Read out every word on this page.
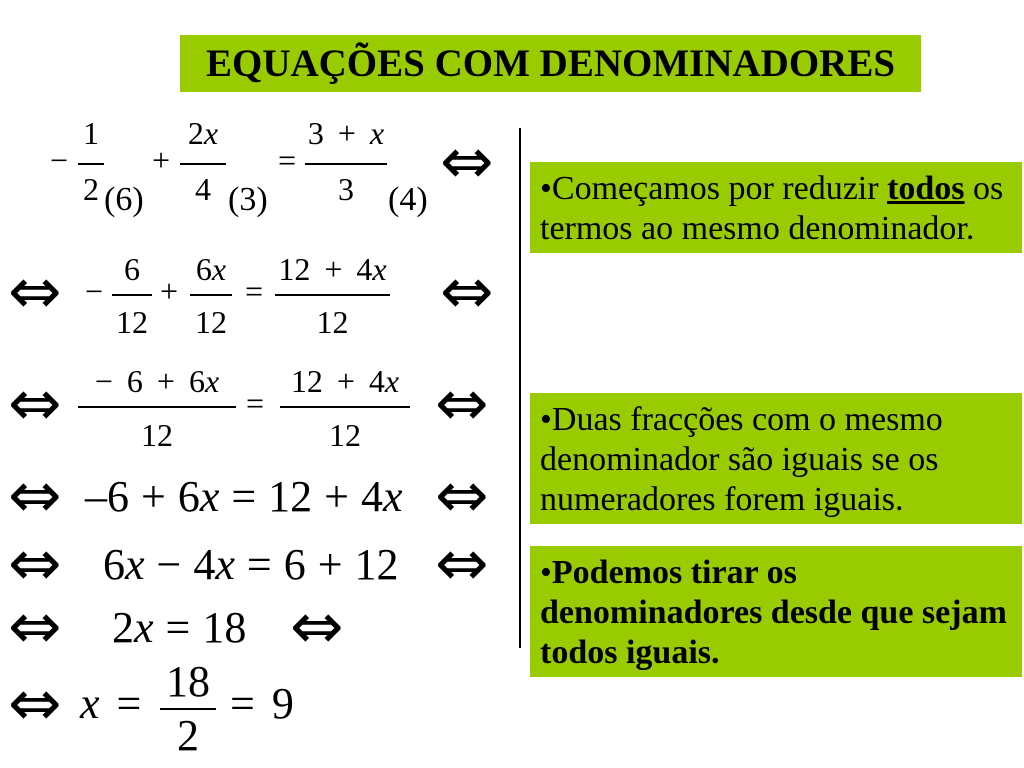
EQUAÇÕES COM DENOMINADORES
−
1
2 (6)
+
2x
4 (3)
=
3 + x
3 (4)
⇔
⇔ −
6
12
+
6x
12
=
12 + 4x
12 ⇔
⇔ − 6 + 6x
12
=
12 + 4x
12 ⇔
⇔ –6 + 6x = 12 + 4x ⇔
⇔ 6x − 4x = 6 + 12 ⇔
⇔ 2x = 18 ⇔
⇔ x = 18
2
= 9
•Começamos por reduzir todos os
termos ao mesmo denominador.
•Duas fracções com o mesmo
denominador são iguais se os
numeradores forem iguais.
•Podemos tirar os
denominadores desde que sejam
todos iguais.
